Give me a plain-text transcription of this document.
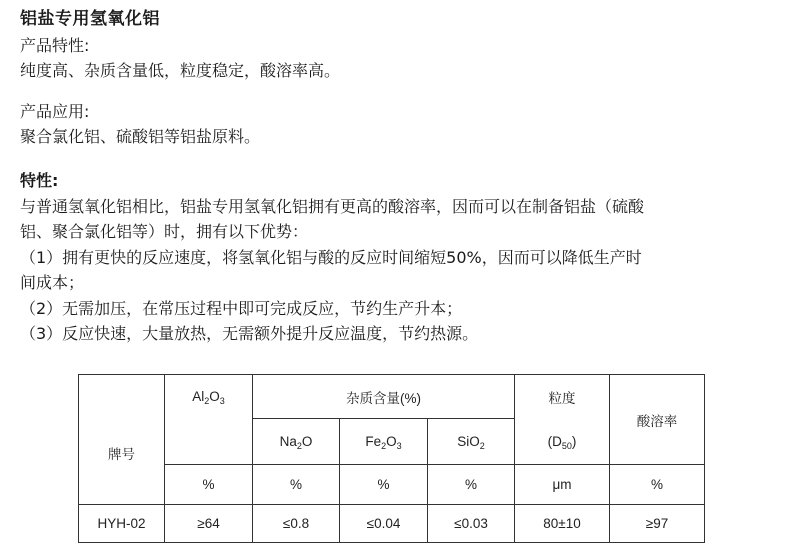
铝盐专用氢氧化铝
产品特性:
纯度高、杂质含量低，粒度稳定，酸溶率高。
产品应用:
聚合氯化铝、硫酸铝等铝盐原料。
特性:
与普通氢氧化铝相比，铝盐专用氢氧化铝拥有更高的酸溶率，因而可以在制备铝盐（硫酸
铝、聚合氯化铝等）时，拥有以下优势：
（1）拥有更快的反应速度，将氢氧化铝与酸的反应时间缩短50%，因而可以降低生产时
间成本；
（2）无需加压，在常压过程中即可完成反应，节约生产升本；
（3）反应快速，大量放热，无需额外提升反应温度，节约热源。
	$Al_2O_3$	杂质含量(%)			粒度	酸溶率
		$Na_2O$	$Fe_2O_3$	SiO$_2$	$(D_{50})$	
牌号	%	%	%	%	μm	%
HYH-02	≥64	≤0.8	≤0.04	≤0.03	80±10	≥97
